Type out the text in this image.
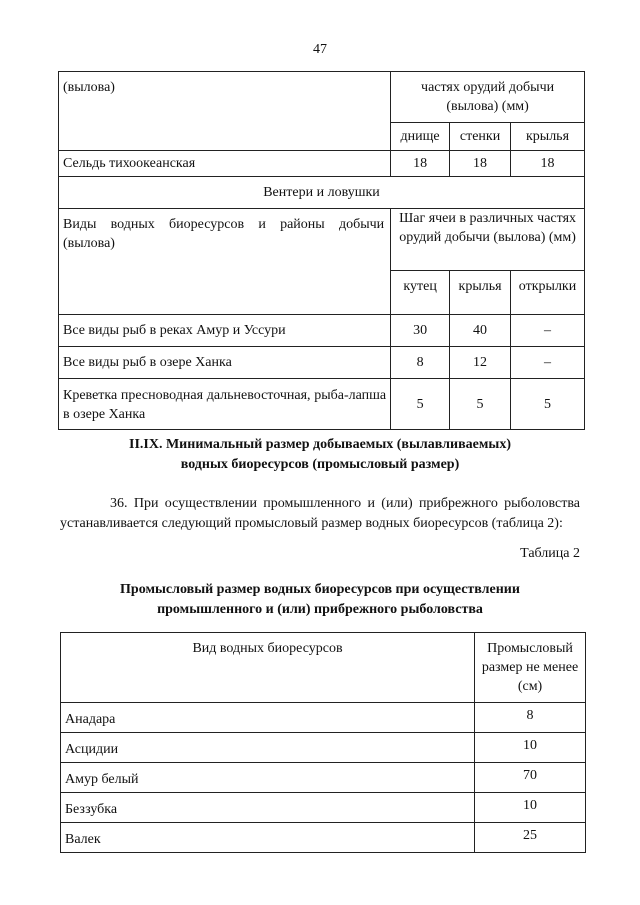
47
(вылова)	частях орудий добычи (вылова) (мм)		
	днище	стенки	крылья
Сельдь тихоокеанская	18	18	18
Вентери и ловушки			
Виды водных биоресурсов и районы добычи (вылова)	Шаг ячеи в различных частях орудий добычи (вылова) (мм)		
	кутец	крылья	открылки
Все виды рыб в реках Амур и Уссури	30	40	–
Все виды рыб в озере Ханка	8	12	–
Креветка пресноводная дальневосточная, рыба-лапша в озере Ханка	5	5	5
II.IX. Минимальный размер добываемых (вылавливаемых)
водных биоресурсов (промысловый размер)
36. При осуществлении промышленного и (или) прибрежного рыболовства устанавливается следующий промысловый размер водных биоресурсов (таблица 2):
Таблица 2
Промысловый размер водных биоресурсов при осуществлении
промышленного и (или) прибрежного рыболовства
Вид водных биоресурсов	Промысловый размер не менее (см)
Анадара	8
Асцидии	10
Амур белый	70
Беззубка	10
Валек	25
